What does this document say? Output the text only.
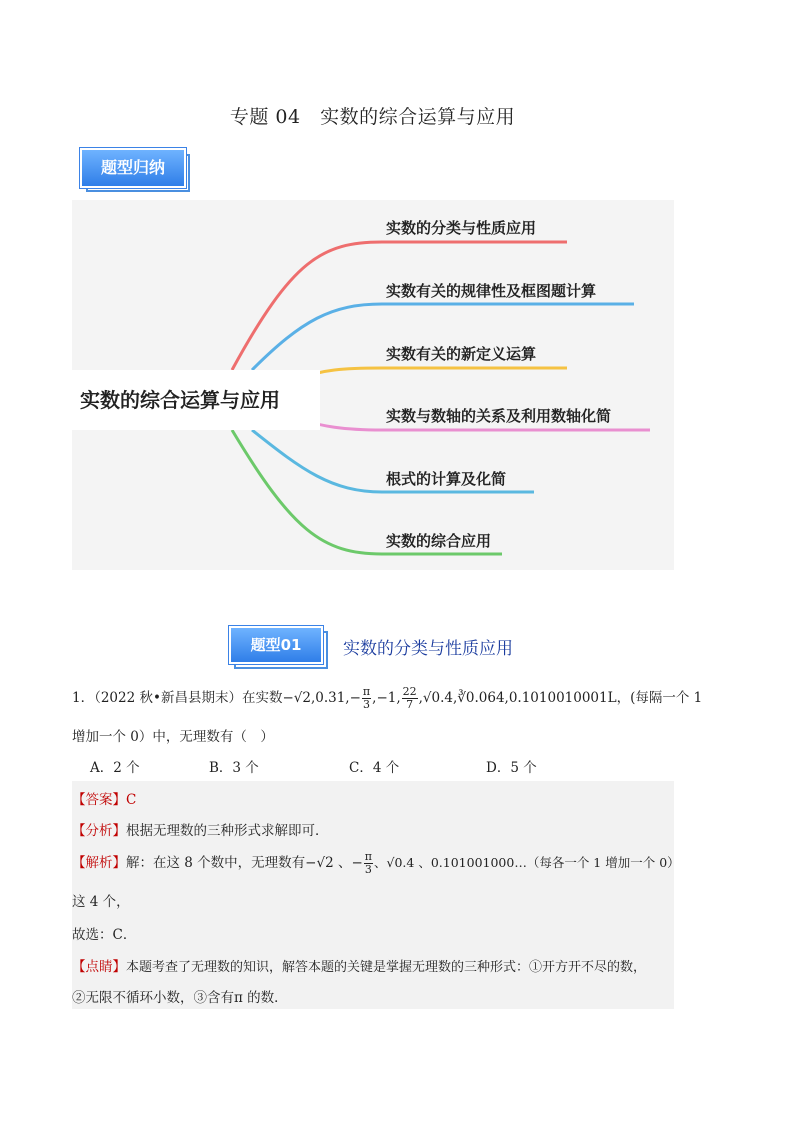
专题 04　实数的综合运算与应用
题型归纳
实数的综合运算与应用
实数的分类与性质应用
实数有关的规律性及框图题计算
实数有关的新定义运算
实数与数轴的关系及利用数轴化简
根式的计算及化简
实数的综合应用
题型01	实数的分类与性质应用
1．（2022 秋•新昌县期末）在实数$-√2,0.31,- \frac{\pi}{3} ,-1$, $\frac{22}{7}$ ,√0.4,∛0.064,0.1010010001L，(每隔一个 1
增加一个 0）中，无理数有（　）
A．2 个	B．3 个	C．4 个	D．5 个
【答案】C
【分析】根据无理数的三种形式求解即可．
【解析】解：在这 8 个数中，无理数有−√2 、− $\frac{\pi}{3}$ 、√0.4 、0.101001000…（每各一个 1 增加一个 0）
这 4 个，
故选：C．
【点睛】本题考查了无理数的知识，解答本题的关键是掌握无理数的三种形式：①开方开不尽的数，
②无限不循环小数，③含有π 的数．
